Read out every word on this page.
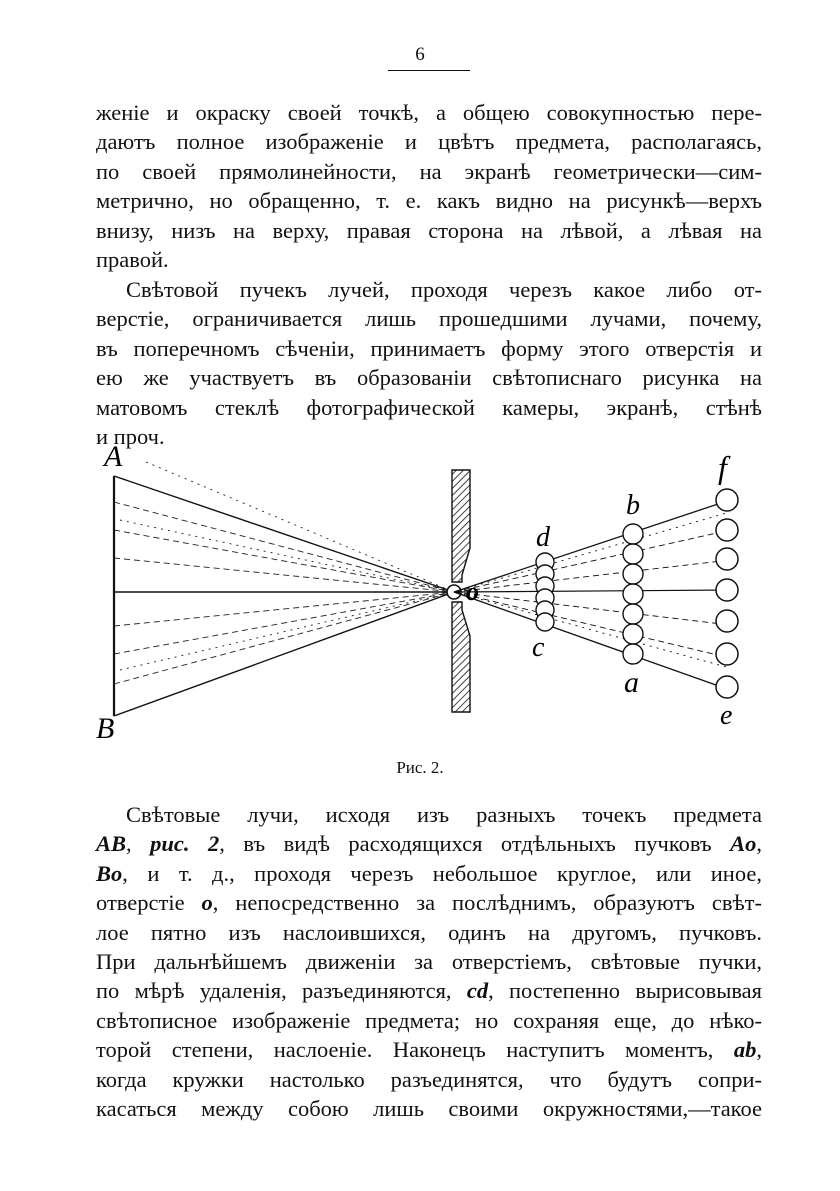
6
женіе и окраску своей точкѣ, а общею совокупностью пере-
даютъ полное изображеніе и цвѣтъ предмета, располагаясь,
по своей прямолинейности, на экранѣ геометрически—сим-
метрично, но обращенно, т. е. какъ видно на рисункѣ—верхъ
внизу, низъ на верху, правая сторона на лѣвой, а лѣвая на
правой.
Свѣтовой пучекъ лучей, проходя черезъ какое либо от-
верстіе, ограничивается лишь прошедшими лучами, почему,
въ поперечномъ сѣченіи, принимаетъ форму этого отверстія и
ею же участвуетъ въ образованіи свѣтописнаго рисунка на
матовомъ стеклѣ фотографической камеры, экранѣ, стѣнѣ
и проч.
A
B
o
d
c
b
a
f
e
Рис. 2.
Свѣтовые лучи, исходя изъ разныхъ точекъ предмета
AB, рис. 2, въ видѣ расходящихся отдѣльныхъ пучковъ Ao,
Bo, и т. д., проходя черезъ небольшое круглое, или иное,
отверстіе o, непосредственно за послѣднимъ, образуютъ свѣт-
лое пятно изъ наслоившихся, одинъ на другомъ, пучковъ.
При дальнѣйшемъ движеніи за отверстіемъ, свѣтовые пучки,
по мѣрѣ удаленія, разъединяются, cd, постепенно вырисовывая
свѣтописное изображеніе предмета; но сохраняя еще, до нѣко-
торой степени, наслоеніе. Наконецъ наступитъ моментъ, ab,
когда кружки настолько разъединятся, что будутъ сопри-
касаться между собою лишь своими окружностями,—такое
